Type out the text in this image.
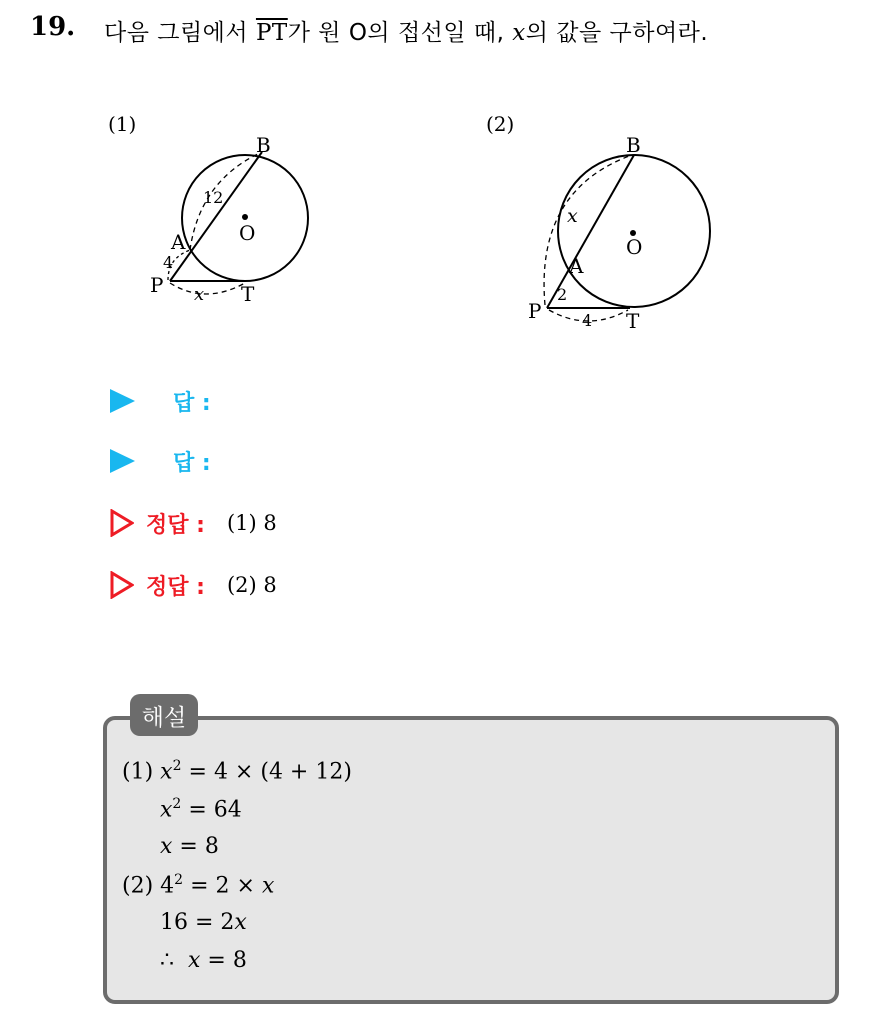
19. 다음 그림에서 $\overline{PT}$가 원 O의 접선일 때, x의 값을 구하여라.
(1)	(2)
B
A
P	T
O
12
4
x
B
A
P	T
O
x
2
4
답 :
답 :
정답 : (1) 8
정답 : (2) 8
해설
(1) $x^2 = 4 \times (4 + 12)$
$x^2 = 64$
x = 8
(2) $4^2 = 2 \times x$
16 = 2x
∴ x = 8
